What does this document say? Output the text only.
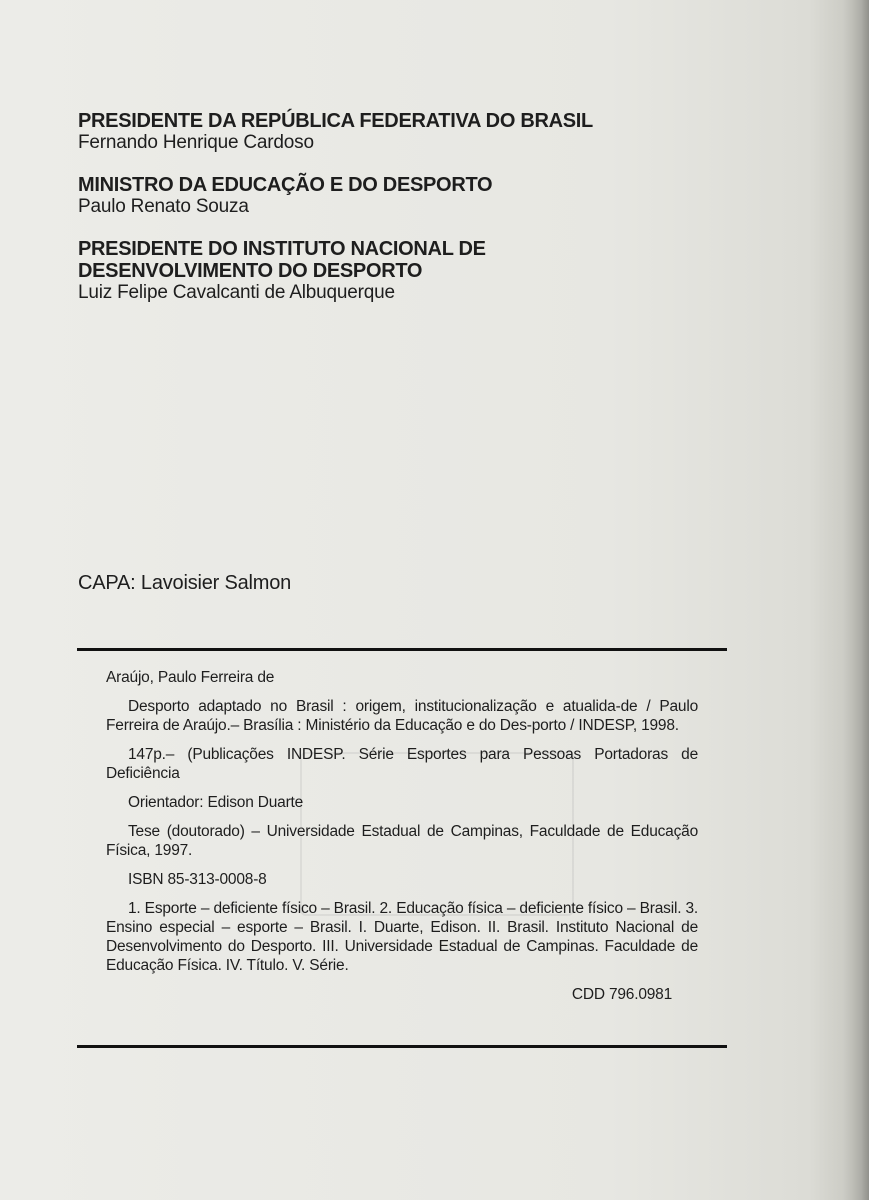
PRESIDENTE DA REPÚBLICA FEDERATIVA DO BRASIL
Fernando Henrique Cardoso
MINISTRO DA EDUCAÇÃO E DO DESPORTO
Paulo Renato Souza
PRESIDENTE DO INSTITUTO NACIONAL DE
DESENVOLVIMENTO DO DESPORTO
Luiz Felipe Cavalcanti de Albuquerque
CAPA: Lavoisier Salmon

Araújo, Paulo Ferreira de

Desporto adaptado no Brasil : origem, institucionalização e atualida-de / Paulo Ferreira de Araújo.– Brasília : Ministério da Educação e do Des-porto / INDESP, 1998.

147p.– (Publicações INDESP. Série Esportes para Pessoas Portadoras de Deficiência

Orientador: Edison Duarte

Tese (doutorado) – Universidade Estadual de Campinas, Faculdade de Educação Física, 1997.

ISBN 85-313-0008-8

1. Esporte – deficiente físico – Brasil. 2. Educação física – deficiente físico – Brasil. 3. Ensino especial – esporte – Brasil. I. Duarte, Edison. II. Brasil. Instituto Nacional de Desenvolvimento do Desporto. III. Universidade Estadual de Campinas. Faculdade de Educação Física. IV. Título. V. Série.

CDD 796.0981
